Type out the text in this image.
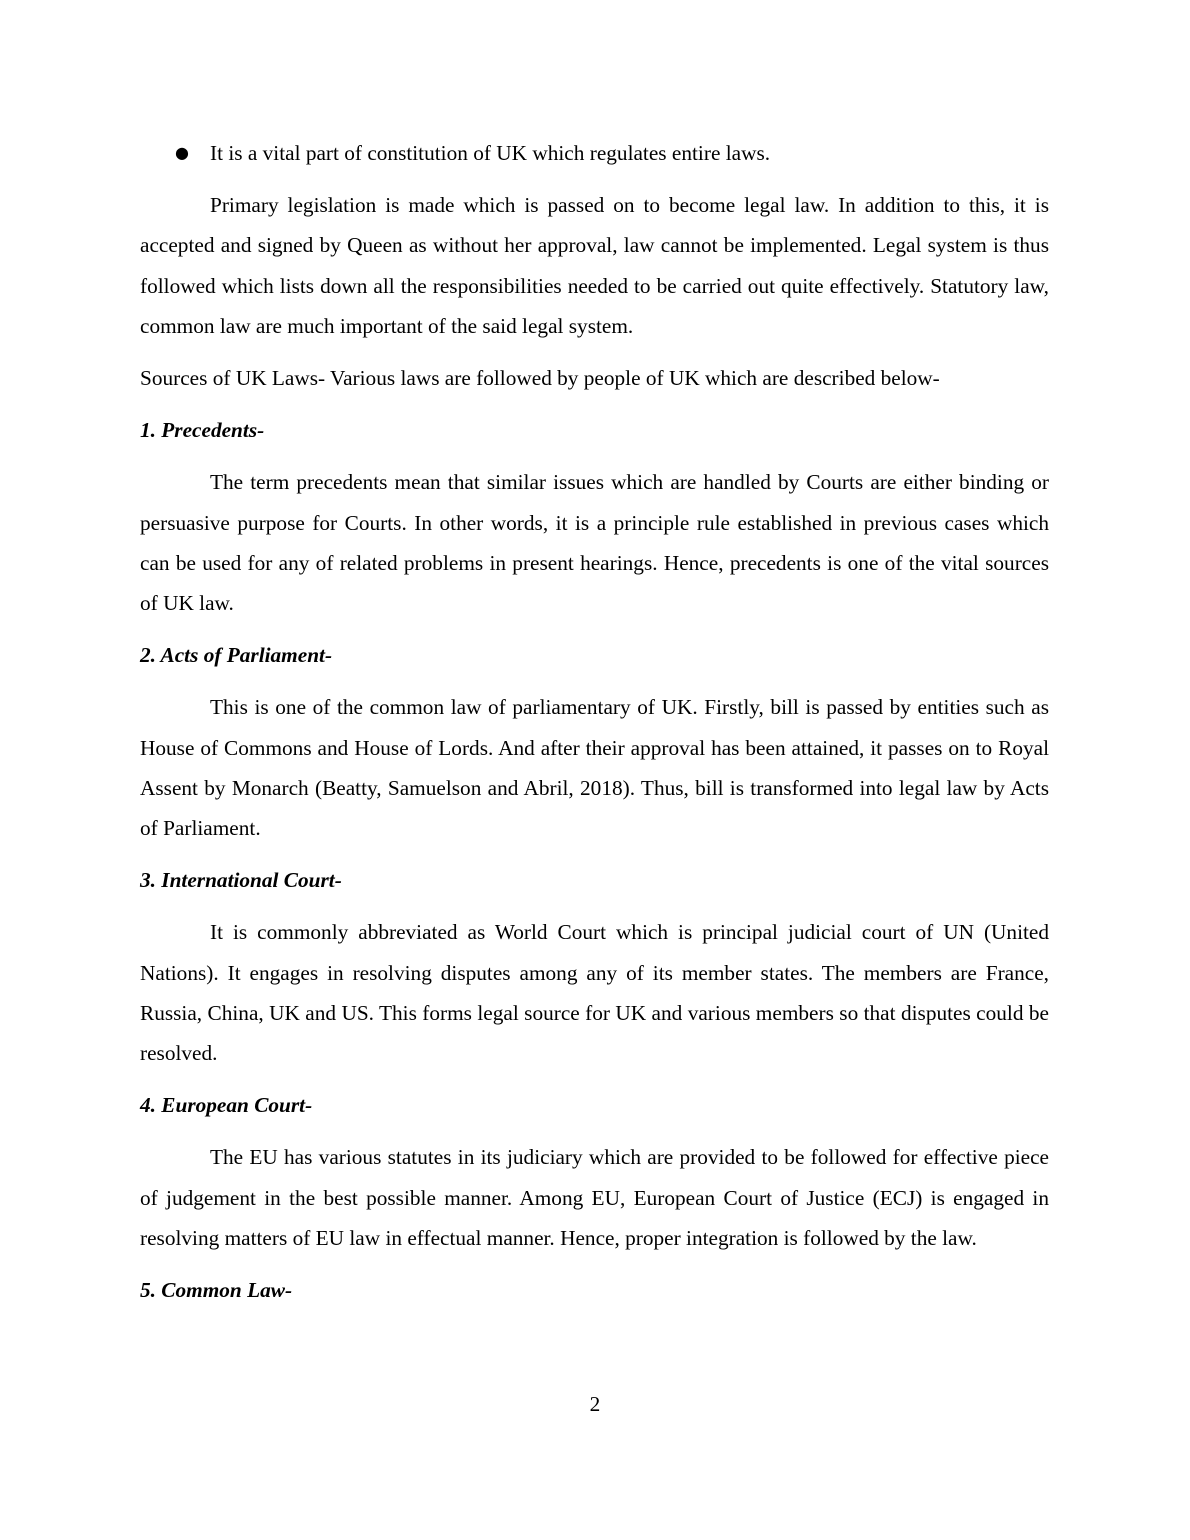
● It is a vital part of constitution of UK which regulates entire laws.

Primary legislation is made which is passed on to become legal law. In addition to this, it is accepted and signed by Queen as without her approval, law cannot be implemented. Legal system is thus followed which lists down all the responsibilities needed to be carried out quite effectively. Statutory law, common law are much important of the said legal system.

Sources of UK Laws- Various laws are followed by people of UK which are described below-

1. Precedents-

The term precedents mean that similar issues which are handled by Courts are either binding or persuasive purpose for Courts. In other words, it is a principle rule established in previous cases which can be used for any of related problems in present hearings. Hence, precedents is one of the vital sources of UK law.

2. Acts of Parliament-

This is one of the common law of parliamentary of UK. Firstly, bill is passed by entities such as House of Commons and House of Lords. And after their approval has been attained, it passes on to Royal Assent by Monarch (Beatty, Samuelson and Abril, 2018). Thus, bill is transformed into legal law by Acts of Parliament.

3. International Court-

It is commonly abbreviated as World Court which is principal judicial court of UN (United Nations). It engages in resolving disputes among any of its member states. The members are France, Russia, China, UK and US. This forms legal source for UK and various members so that disputes could be resolved.

4. European Court-

The EU has various statutes in its judiciary which are provided to be followed for effective piece of judgement in the best possible manner. Among EU, European Court of Justice (ECJ) is engaged in resolving matters of EU law in effectual manner. Hence, proper integration is followed by the law.

5. Common Law-

2
